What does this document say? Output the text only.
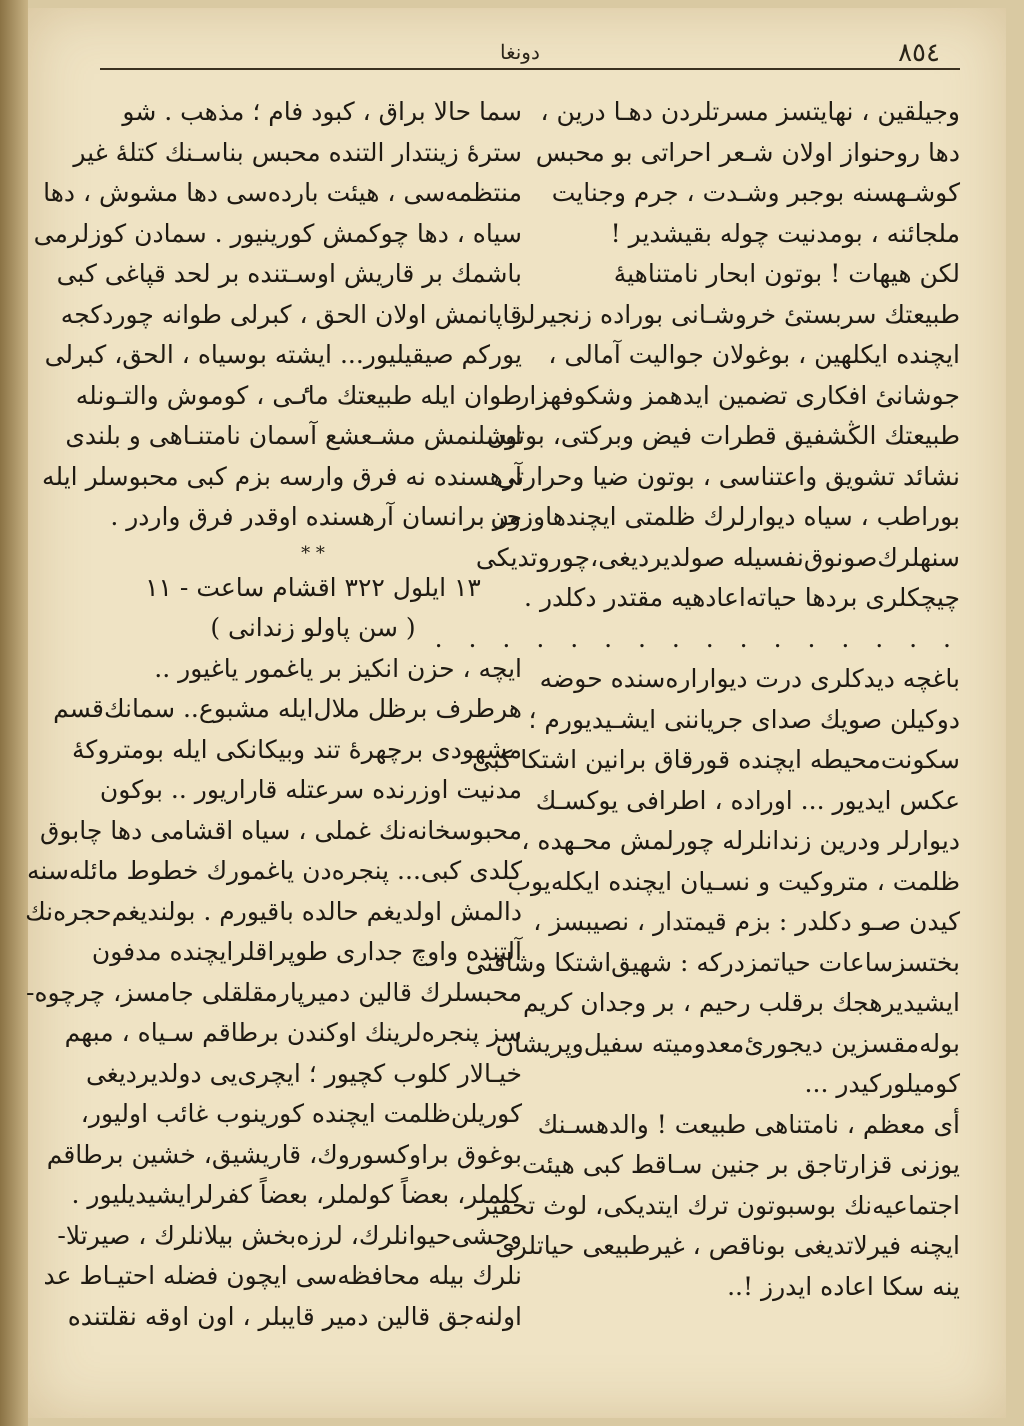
دونغا	٨٥٤
وجیلقین ، نهایتسز مسرتلردن دهـا درین ،
دها روحنواز اولان شـعر احراتی بو محبس
کوشـهسنه بوجبر وشـدت ، جرم وجنایت
ملجائنه ، بومدنیت چوله بقیشدیر !
لکن هیهات ! بوتون ابحار نامتناهیهٔ
طبیعتك سربستیٔ خروشـانی بوراده زنجیرلر
ایچنده ایکلهین ، بوغولان جوالیت آمالی ،
جوشانیٔ افکاری تضمین ایدهمز وشکوفهزار
طبیعتك الڭشفیق قطرات فیض وبرکتی، بوتون
نشائد تشویق واعتناسی ، بوتون ضیا وحرارتی
بوراطب ، سیاه دیوارلرك ظلمتی ایچندهاوزون
سنهلرك‌صونوق‌نفسیله صولدیردیغی،چوروتدیکی
چیچکلری بردها حیاته‌اعادهیه مقتدر دکلدر .
. . . . . . . . . . . . . . . .
باغچه دیدکلری درت دیواراره‌سنده حوضه
دوکیلن صویك صدای جریاننی ایشـیدیورم ؛
سکونت‌محیطه ایچنده قورقاق برانین اشتکا کبی
عکس ایدیور ... اوراده ، اطرافی یوکسـك
دیوارلر ودرین زندانلرله چورلمش محـهده ،
ظلمت ، متروکیت و نسـیان ایچنده ایکله‌یوب
کیدن صـو دکلدر : بزم قیمتدار ، نصیبسز ،
بختسزساعات حیاتمزدرکه : شهیق‌اشتکا و‌شاقنی
ایشیدیرهجك برقلب رحیم ، بر وجدان کریم
بوله‌مقسزین دیجوری‌ٔمعدومیته سفیل‌وپریشان
کومیلورکیدر ...
أی معظم ، نامتناهی طبیعت ! والدهسـنك
یوزنی قزارتاجق بر جنین سـاقط کبی هیئت
اجتماعیه‌نك بوسبوتون ترك ایتدیکی، لوث تحقیر
ایچنه فیرلاتدیغی بوناقص ، غیرطبیعی حیاتلری
ینه سکا اعاده ایدرز !..
سما حالا براق ، کبود فام ؛ مذهب . شو
سترهٔ زینتدار التنده محبس بناسـنك کتلهٔ غیر
منتظمه‌سی ، هیئت بارده‌سی دها مشوش ، دها
سیاه ، دها چوکمش کورینیور . سمادن کوزلرمی
باشمك بر قاریش اوسـتنده بر لحد قپاغی کبی
قاپانمش اولان الحق ، کبرلی طوانه چوردکجه
یورکم صیقیلیور... ایشته بوسیاه ، الحق، کبرلی
طوان ایله طبیعتك ماٸی ، کوموش والتـونله
ایشلنمش مشـعشع آسمان نامتنـاهی و بلندی
آرهسنده نه فرق وارسه بزم کبی محبوسلر ایله
حر برانسان آرهسنده اوقدر فرق واردر .
* *
١٣ ایلول ٣٢٢ اقشام ساعت - ١١
( سن پاولو زندانی )
ایچه ، حزن انکیز بر یاغمور یاغیور ..
هرطرف برظل ملال‌ایله مشبوع.. سمانك‌قسم
مشهودی برچهرهٔ تند وبیکانکی ایله بومتروکهٔ
مدنیت اوزرنده سرعتله قاراریور .. بوکون
محبوسخانه‌نك غملی ، سیاه اقشامی دها چابوق
کلدی کبی... پنجره‌دن یاغمورك خطوط مائله‌سنه
دالمش اولدیغم حالده باقیورم . بولندیغم‌حجره‌نك
آلتنده واوچ جداری طوپراقلرایچنده مدفون
محبسلرك قالین دمیرپارمقلقلی جامسز، چرچوه-
سز پنجره‌لرینك اوکندن برطاقم سـیاه ، مبهم
خیـالار کلوب کچیور ؛ ایچری‌یی دولدیردیغی
کوریلن‌ظلمت ایچنده کورینوب غائب اولیور،
بوغوق براوکسوروك، قاریشیق، خشین برطاقم
کلملر، بعضاً کولملر، بعضاً کفرلرایشیدیلیور .
وحشی‌حیوانلرك، لرزه‌بخش بیلانلرك ، صیرتلا-
نلرك بیله محافظه‌سی ایچون فضله احتیـاط عد
اولنه‌جق قالین دمیر قایبلر ، اون اوقه نقلتنده
